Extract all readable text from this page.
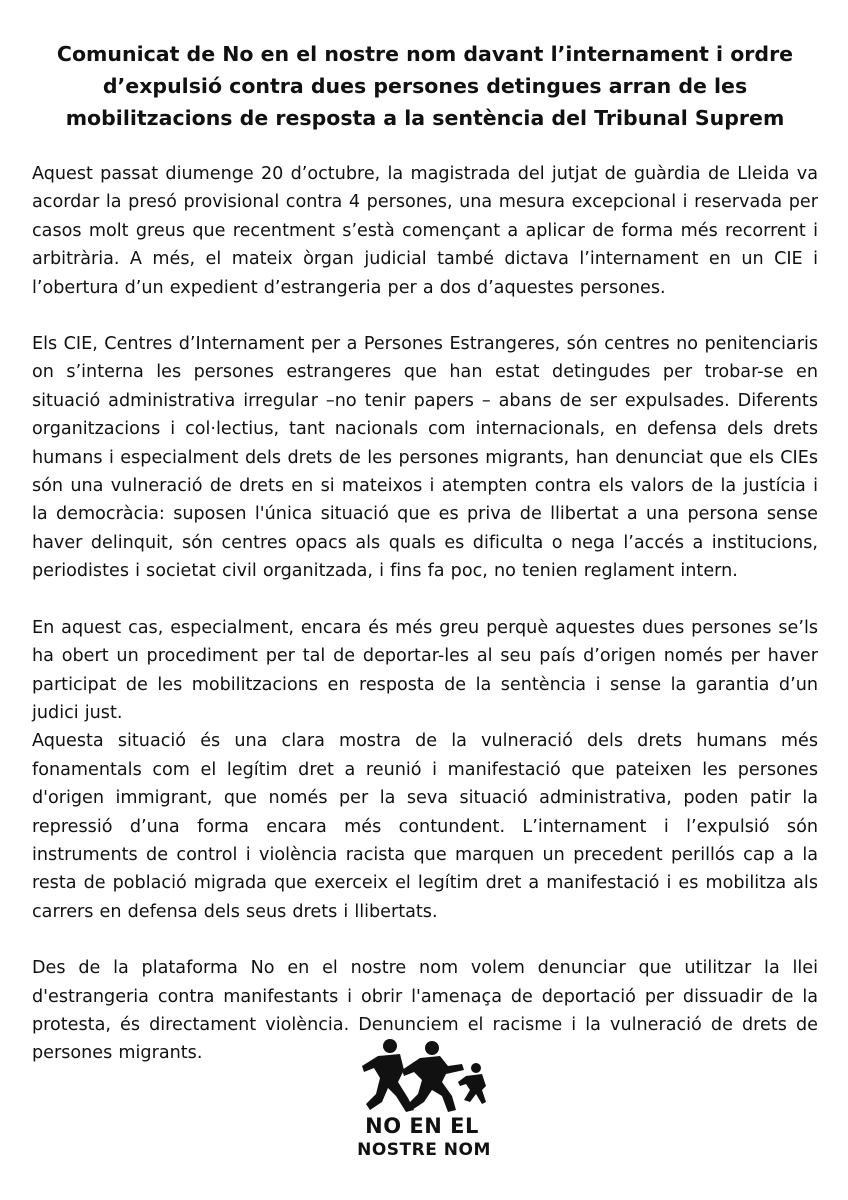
Comunicat de No en el nostre nom davant l’internament i ordre d’expulsió contra dues persones detingues arran de les mobilitzacions de resposta a la sentència del Tribunal Suprem

Aquest passat diumenge 20 d’octubre, la magistrada del jutjat de guàrdia de Lleida va acordar la presó provisional contra 4 persones, una mesura excepcional i reservada per casos molt greus que recentment s’està començant a aplicar de forma més recorrent i arbitrària. A més, el mateix òrgan judicial també dictava l’internament en un CIE i l’obertura d’un expedient d’estrangeria per a dos d’aquestes persones.

Els CIE, Centres d’Internament per a Persones Estrangeres, són centres no penitenciaris on s’interna les persones estrangeres que han estat detingudes per trobar-se en situació administrativa irregular –no tenir papers – abans de ser expulsades. Diferents organitzacions i col·lectius, tant nacionals com internacionals, en defensa dels drets humans i especialment dels drets de les persones migrants, han denunciat que els CIEs són una vulneració de drets en si mateixos i atempten contra els valors de la justícia i la democràcia: suposen l'única situació que es priva de llibertat a una persona sense haver delinquit, són centres opacs als quals es dificulta o nega l’accés a institucions, periodistes i societat civil organitzada, i fins fa poc, no tenien reglament intern.

En aquest cas, especialment, encara és més greu perquè aquestes dues persones se’ls ha obert un procediment per tal de deportar-les al seu país d’origen només per haver participat de les mobilitzacions en resposta de la sentència i sense la garantia d’un judici just.

Aquesta situació és una clara mostra de la vulneració dels drets humans més fonamentals com el legítim dret a reunió i manifestació que pateixen les persones d'origen immigrant, que només per la seva situació administrativa, poden patir la repressió d’una forma encara més contundent. L’internament i l’expulsió són instruments de control i violència racista que marquen un precedent perillós cap a la resta de població migrada que exerceix el legítim dret a manifestació i es mobilitza als carrers en defensa dels seus drets i llibertats.

Des de la plataforma No en el nostre nom volem denunciar que utilitzar la llei d'estrangeria contra manifestants i obrir l'amenaça de deportació per dissuadir de la protesta, és directament violència. Denunciem el racisme i la vulneració de drets de persones migrants.

NO EN EL
NOSTRE NOM
